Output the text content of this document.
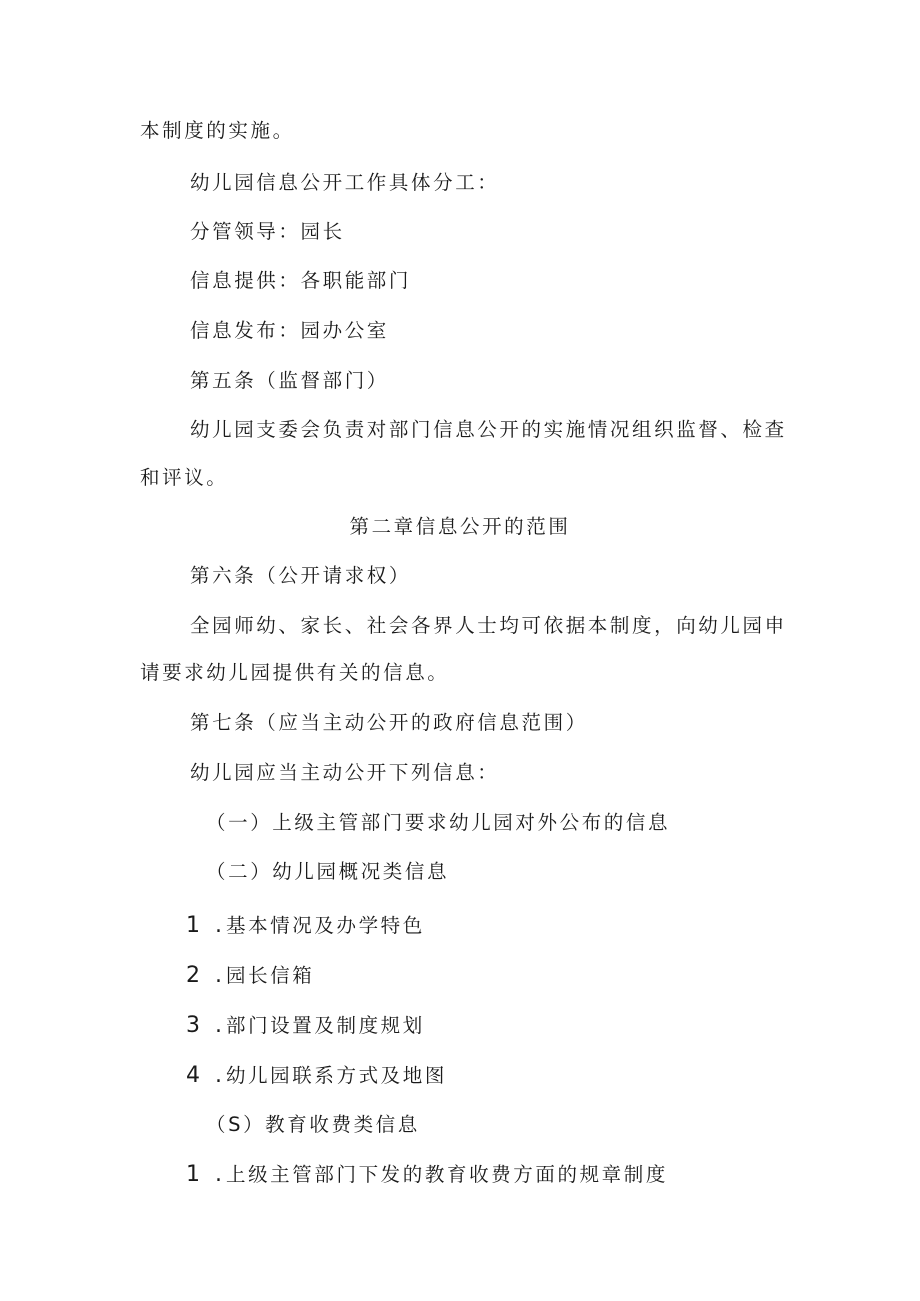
本制度的实施。
幼儿园信息公开工作具体分工：
分管领导：园长
信息提供：各职能部门
信息发布：园办公室
第五条（监督部门）
幼儿园支委会负责对部门信息公开的实施情况组织监督、检查
和评议。
第二章信息公开的范围
第六条（公开请求权）
全园师幼、家长、社会各界人士均可依据本制度，向幼儿园申
请要求幼儿园提供有关的信息。
第七条（应当主动公开的政府信息范围）
幼儿园应当主动公开下列信息：
（一）上级主管部门要求幼儿园对外公布的信息
（二）幼儿园概况类信息
1 .基本情况及办学特色
2 .园长信箱
3 .部门设置及制度规划
4 .幼儿园联系方式及地图
（S）教育收费类信息
1 .上级主管部门下发的教育收费方面的规章制度
